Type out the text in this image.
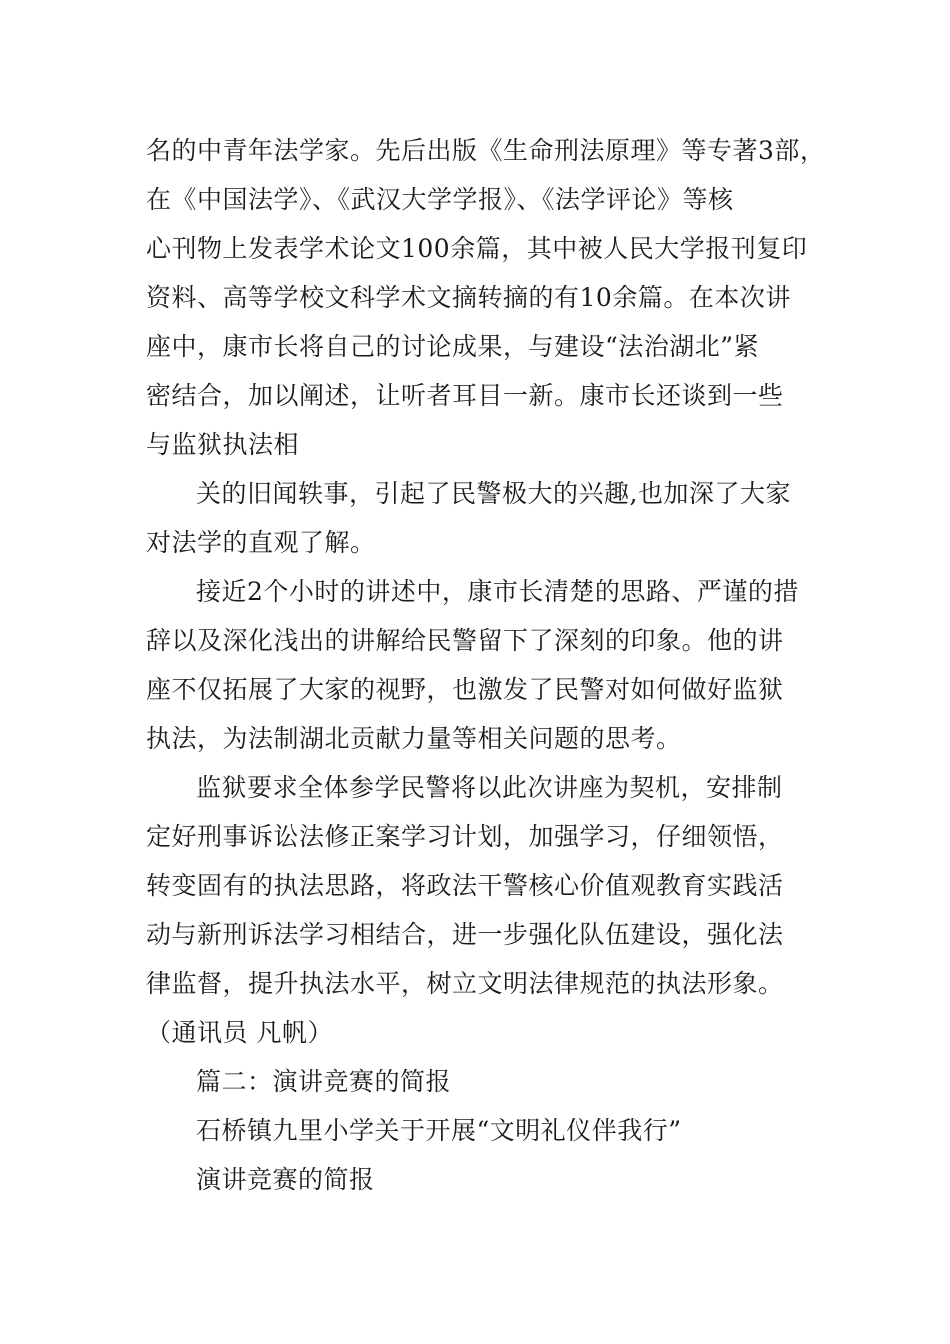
名的中青年法学家。先后出版《生命刑法原理》等专著3部，
在《中国法学》、《武汉大学学报》、《法学评论》等核
心刊物上发表学术论文100余篇，其中被人民大学报刊复印
资料、高等学校文科学术文摘转摘的有10余篇。在本次讲
座中，康市长将自己的讨论成果，与建设“法治湖北”紧
密结合，加以阐述，让听者耳目一新。康市长还谈到一些
与监狱执法相

关的旧闻轶事，引起了民警极大的兴趣,也加深了大家
对法学的直观了解。

接近2个小时的讲述中，康市长清楚的思路、严谨的措
辞以及深化浅出的讲解给民警留下了深刻的印象。他的讲
座不仅拓展了大家的视野，也激发了民警对如何做好监狱
执法，为法制湖北贡献力量等相关问题的思考。

监狱要求全体参学民警将以此次讲座为契机，安排制
定好刑事诉讼法修正案学习计划，加强学习，仔细领悟，
转变固有的执法思路，将政法干警核心价值观教育实践活
动与新刑诉法学习相结合，进一步强化队伍建设，强化法
律监督，提升执法水平，树立文明法律规范的执法形象。
（通讯员 凡帆）

篇二：演讲竞赛的简报

石桥镇九里小学关于开展“文明礼仪伴我行”

演讲竞赛的简报
